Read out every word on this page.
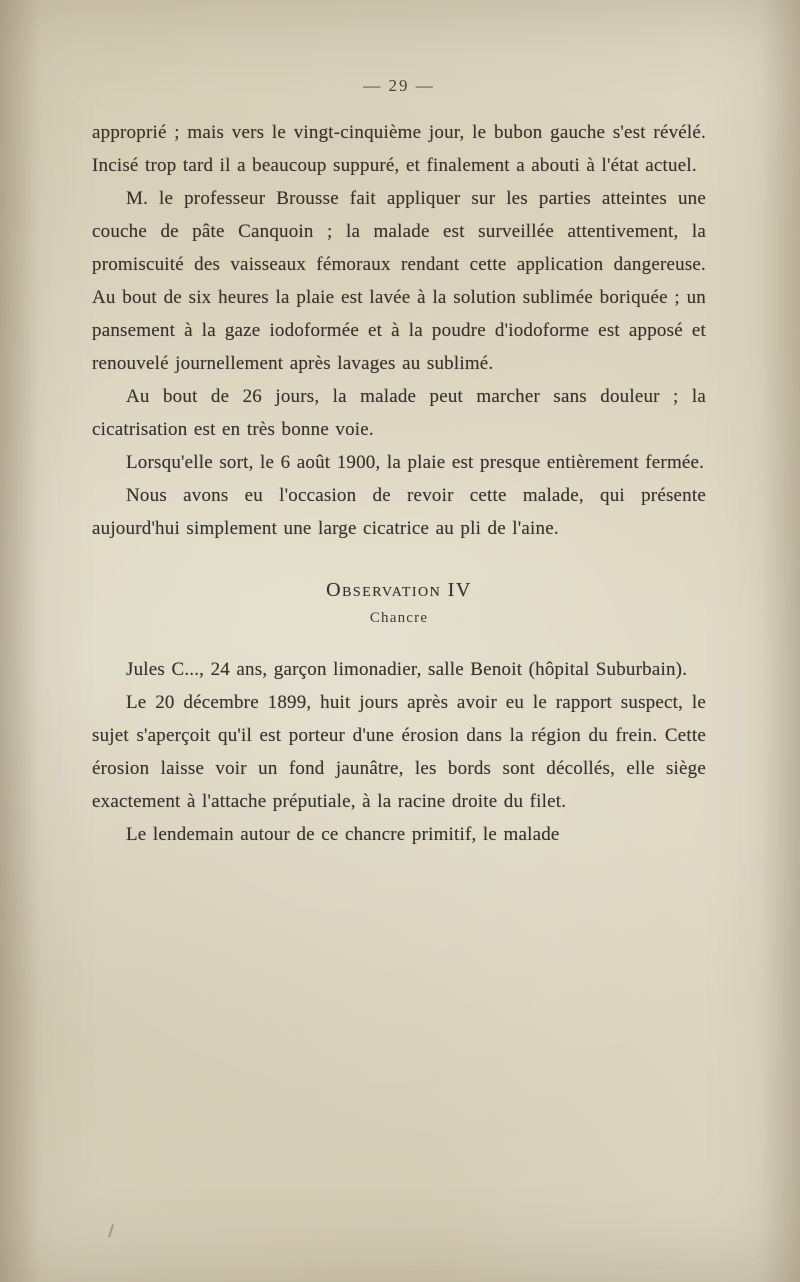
— 29 —

approprié ; mais vers le vingt-cinquième jour, le bubon gauche s'est révélé. Incisé trop tard il a beaucoup suppuré, et finalement a abouti à l'état actuel.

M. le professeur Brousse fait appliquer sur les parties atteintes une couche de pâte Canquoin ; la malade est surveillée attentivement, la promiscuité des vaisseaux fémoraux rendant cette application dangereuse. Au bout de six heures la plaie est lavée à la solution sublimée boriquée ; un pansement à la gaze iodoformée et à la poudre d'iodoforme est apposé et renouvelé journellement après lavages au sublimé.

Au bout de 26 jours, la malade peut marcher sans douleur ; la cicatrisation est en très bonne voie.

Lorsqu'elle sort, le 6 août 1900, la plaie est presque entièrement fermée.

Nous avons eu l'occasion de revoir cette malade, qui présente aujourd'hui simplement une large cicatrice au pli de l'aine.

Observation IV
Chancre

Jules C..., 24 ans, garçon limonadier, salle Benoit (hôpital Suburbain).

Le 20 décembre 1899, huit jours après avoir eu le rapport suspect, le sujet s'aperçoit qu'il est porteur d'une érosion dans la région du frein. Cette érosion laisse voir un fond jaunâtre, les bords sont décollés, elle siège exactement à l'attache préputiale, à la racine droite du filet.

Le lendemain autour de ce chancre primitif, le malade
